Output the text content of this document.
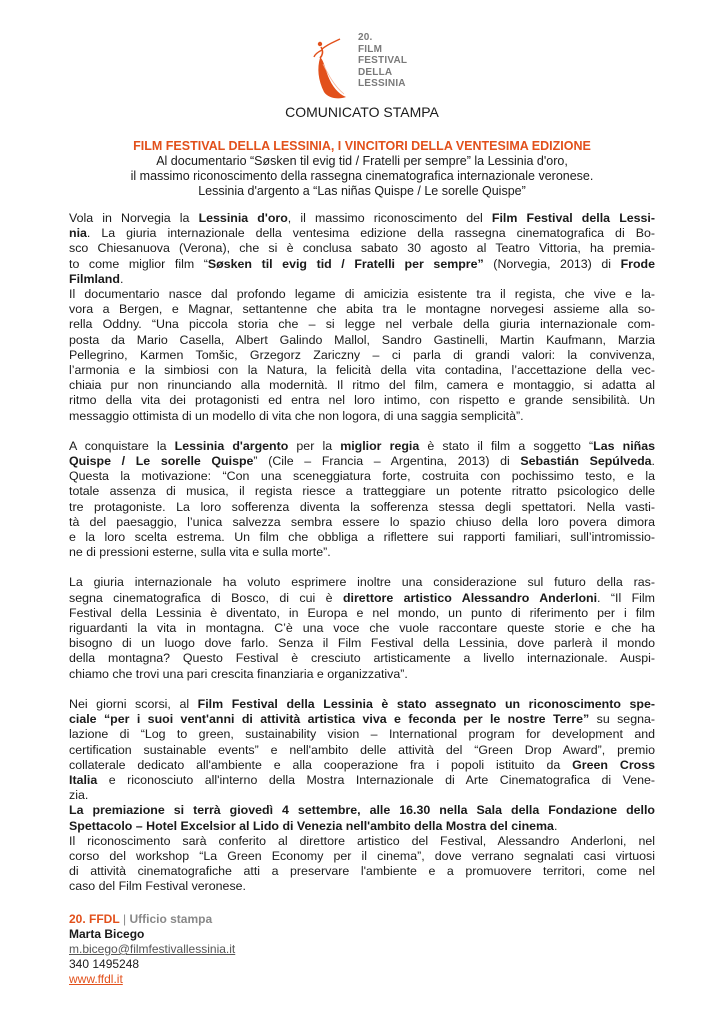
20.
FILM
FESTIVAL
DELLA
LESSINIA
COMUNICATO STAMPA
FILM FESTIVAL DELLA LESSINIA, I VINCITORI DELLA VENTESIMA EDIZIONE
Al documentario “Søsken til evig tid / Fratelli per sempre” la Lessinia d'oro,
il massimo riconoscimento della rassegna cinematografica internazionale veronese.
Lessinia d'argento a “Las niñas Quispe / Le sorelle Quispe”
Vola in Norvegia la Lessinia d'oro, il massimo riconoscimento del Film Festival della Lessi-
nia. La giuria internazionale della ventesima edizione della rassegna cinematografica di Bo-
sco Chiesanuova (Verona), che si è conclusa sabato 30 agosto al Teatro Vittoria, ha premia-
to come miglior film “Søsken til evig tid / Fratelli per sempre” (Norvegia, 2013) di Frode
Filmland.
Il documentario nasce dal profondo legame di amicizia esistente tra il regista, che vive e la-
vora a Bergen, e Magnar, settantenne che abita tra le montagne norvegesi assieme alla so-
rella Oddny. “Una piccola storia che – si legge nel verbale della giuria internazionale com-
posta da Mario Casella, Albert Galindo Mallol, Sandro Gastinelli, Martin Kaufmann, Marzia
Pellegrino, Karmen Tomšic, Grzegorz Zariczny – ci parla di grandi valori: la convivenza,
l’armonia e la simbiosi con la Natura, la felicità della vita contadina, l’accettazione della vec-
chiaia pur non rinunciando alla modernità. Il ritmo del film, camera e montaggio, si adatta al
ritmo della vita dei protagonisti ed entra nel loro intimo, con rispetto e grande sensibilità. Un
messaggio ottimista di un modello di vita che non logora, di una saggia semplicità”.
A conquistare la Lessinia d'argento per la miglior regia è stato il film a soggetto “Las niñas
Quispe / Le sorelle Quispe” (Cile – Francia – Argentina, 2013) di Sebastián Sepúlveda.
Questa la motivazione: “Con una sceneggiatura forte, costruita con pochissimo testo, e la
totale assenza di musica, il regista riesce a tratteggiare un potente ritratto psicologico delle
tre protagoniste. La loro sofferenza diventa la sofferenza stessa degli spettatori. Nella vasti-
tà del paesaggio, l’unica salvezza sembra essere lo spazio chiuso della loro povera dimora
e la loro scelta estrema. Un film che obbliga a riflettere sui rapporti familiari, sull’intromissio-
ne di pressioni esterne, sulla vita e sulla morte”.
La giuria internazionale ha voluto esprimere inoltre una considerazione sul futuro della ras-
segna cinematografica di Bosco, di cui è direttore artistico Alessandro Anderloni. “Il Film
Festival della Lessinia è diventato, in Europa e nel mondo, un punto di riferimento per i film
riguardanti la vita in montagna. C’è una voce che vuole raccontare queste storie e che ha
bisogno di un luogo dove farlo. Senza il Film Festival della Lessinia, dove parlerà il mondo
della montagna? Questo Festival è cresciuto artisticamente a livello internazionale. Auspi-
chiamo che trovi una pari crescita finanziaria e organizzativa”.
Nei giorni scorsi, al Film Festival della Lessinia è stato assegnato un riconoscimento spe-
ciale “per i suoi vent'anni di attività artistica viva e feconda per le nostre Terre” su segna-
lazione di “Log to green, sustainability vision – International program for development and
certification sustainable events” e nell'ambito delle attività del “Green Drop Award”, premio
collaterale dedicato all'ambiente e alla cooperazione fra i popoli istituito da Green Cross
Italia e riconosciuto all'interno della Mostra Internazionale di Arte Cinematografica di Vene-
zia.
La premiazione si terrà giovedì 4 settembre, alle 16.30 nella Sala della Fondazione dello
Spettacolo – Hotel Excelsior al Lido di Venezia nell'ambito della Mostra del cinema.
Il riconoscimento sarà conferito al direttore artistico del Festival, Alessandro Anderloni, nel
corso del workshop “La Green Economy per il cinema”, dove verrano segnalati casi virtuosi
di attività cinematografiche atti a preservare l'ambiente e a promuovere territori, come nel
caso del Film Festival veronese.
20. FFDL | Ufficio stampa
Marta Bicego
m.bicego@filmfestivallessinia.it
340 1495248
www.ffdl.it
